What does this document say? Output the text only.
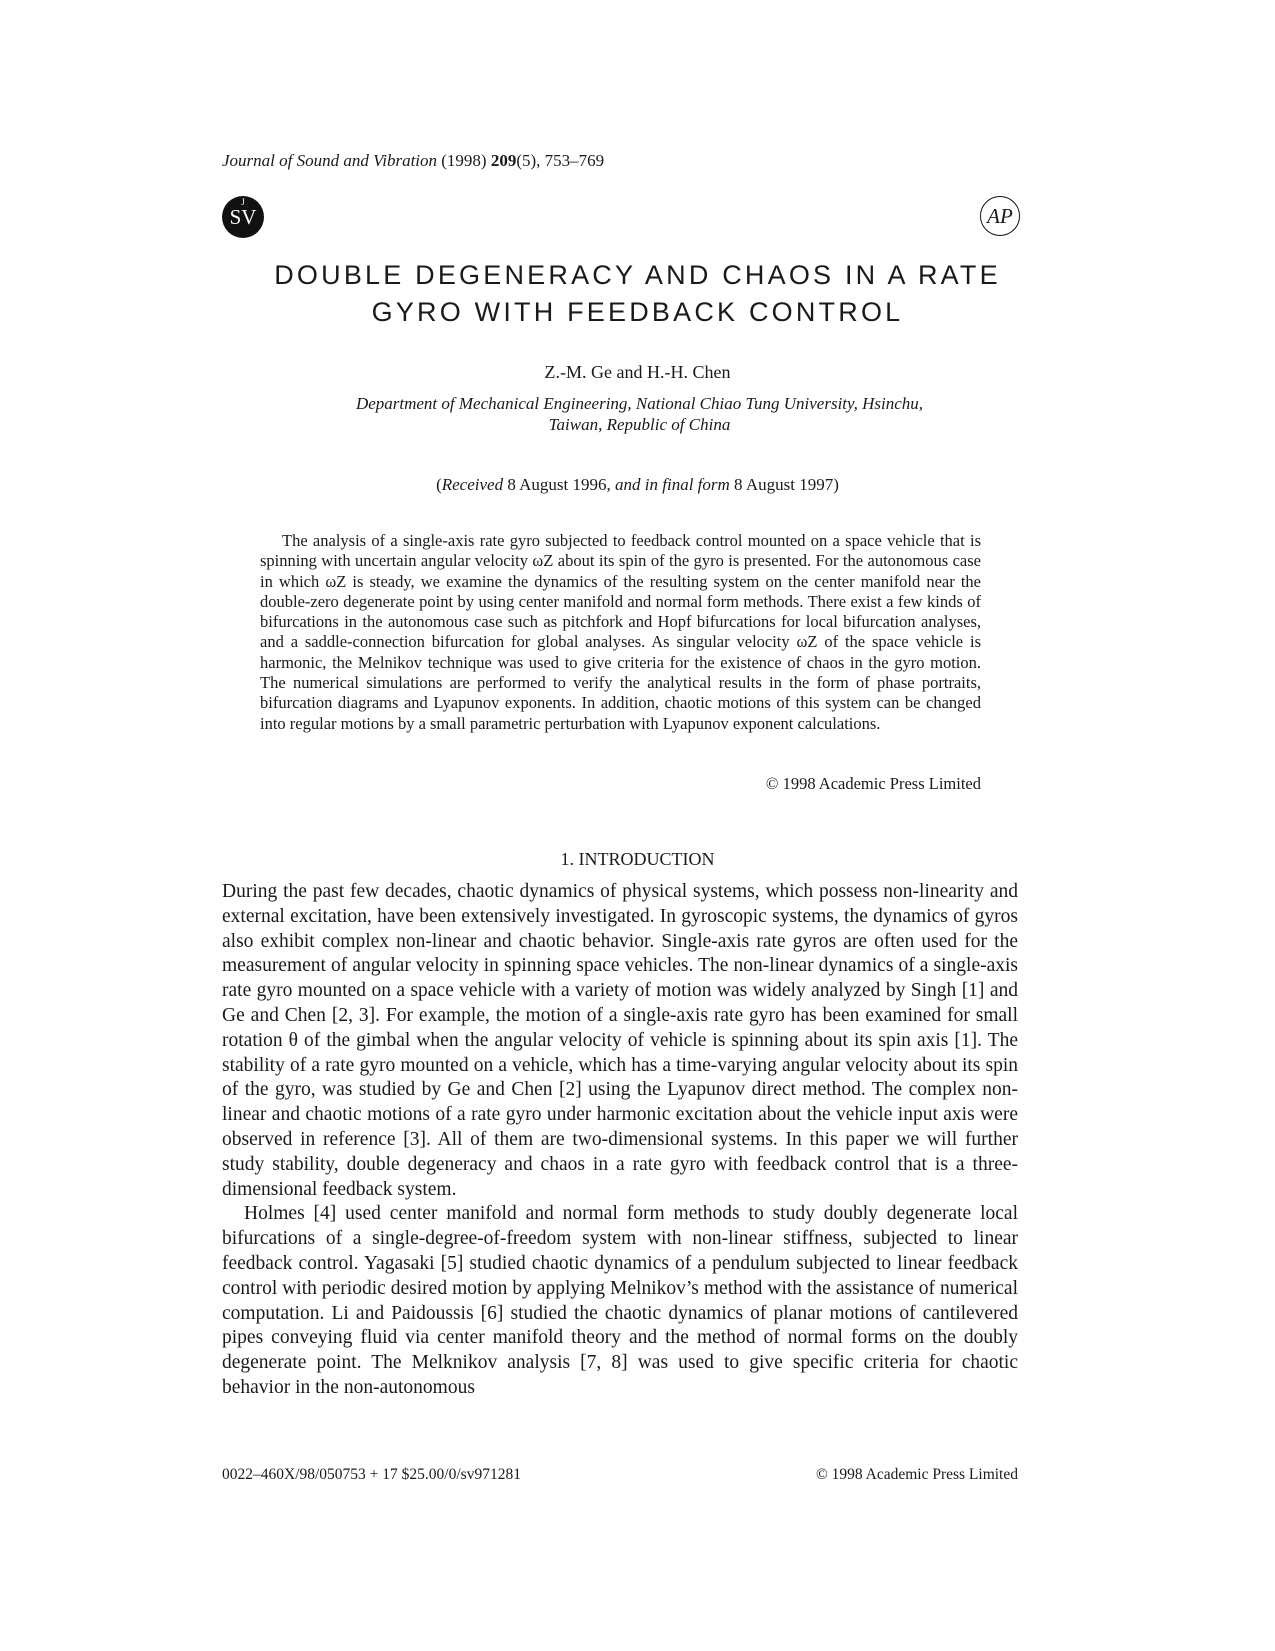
Journal of Sound and Vibration (1998) 209(5), 753–769
J
SV	AP
DOUBLE DEGENERACY AND CHAOS IN A RATE
GYRO WITH FEEDBACK CONTROL
Z.-M. Ge and H.-H. Chen
Department of Mechanical Engineering, National Chiao Tung University, Hsinchu,
Taiwan, Republic of China
(Received 8 August 1996, and in final form 8 August 1997)

The analysis of a single-axis rate gyro subjected to feedback control mounted on a space vehicle that is spinning with uncertain angular velocity ωZ about its spin of the gyro is presented. For the autonomous case in which ωZ is steady, we examine the dynamics of the resulting system on the center manifold near the double-zero degenerate point by using center manifold and normal form methods. There exist a few kinds of bifurcations in the autonomous case such as pitchfork and Hopf bifurcations for local bifurcation analyses, and a saddle-connection bifurcation for global analyses. As singular velocity ωZ of the space vehicle is harmonic, the Melnikov technique was used to give criteria for the existence of chaos in the gyro motion. The numerical simulations are performed to verify the analytical results in the form of phase portraits, bifurcation diagrams and Lyapunov exponents. In addition, chaotic motions of this system can be changed into regular motions by a small parametric perturbation with Lyapunov exponent calculations.

© 1998 Academic Press Limited
1. INTRODUCTION

During the past few decades, chaotic dynamics of physical systems, which possess non-linearity and external excitation, have been extensively investigated. In gyroscopic systems, the dynamics of gyros also exhibit complex non-linear and chaotic behavior. Single-axis rate gyros are often used for the measurement of angular velocity in spinning space vehicles. The non-linear dynamics of a single-axis rate gyro mounted on a space vehicle with a variety of motion was widely analyzed by Singh [1] and Ge and Chen [2, 3]. For example, the motion of a single-axis rate gyro has been examined for small rotation θ of the gimbal when the angular velocity of vehicle is spinning about its spin axis [1]. The stability of a rate gyro mounted on a vehicle, which has a time-varying angular velocity about its spin of the gyro, was studied by Ge and Chen [2] using the Lyapunov direct method. The complex non-linear and chaotic motions of a rate gyro under harmonic excitation about the vehicle input axis were observed in reference [3]. All of them are two-dimensional systems. In this paper we will further study stability, double degeneracy and chaos in a rate gyro with feedback control that is a three-dimensional feedback system.

Holmes [4] used center manifold and normal form methods to study doubly degenerate local bifurcations of a single-degree-of-freedom system with non-linear stiffness, subjected to linear feedback control. Yagasaki [5] studied chaotic dynamics of a pendulum subjected to linear feedback control with periodic desired motion by applying Melnikov’s method with the assistance of numerical computation. Li and Paidoussis [6] studied the chaotic dynamics of planar motions of cantilevered pipes conveying fluid via center manifold theory and the method of normal forms on the doubly degenerate point. The Melknikov analysis [7, 8] was used to give specific criteria for chaotic behavior in the non-autonomous

0022–460X/98/050753 + 17 $25.00/0/sv971281	© 1998 Academic Press Limited
